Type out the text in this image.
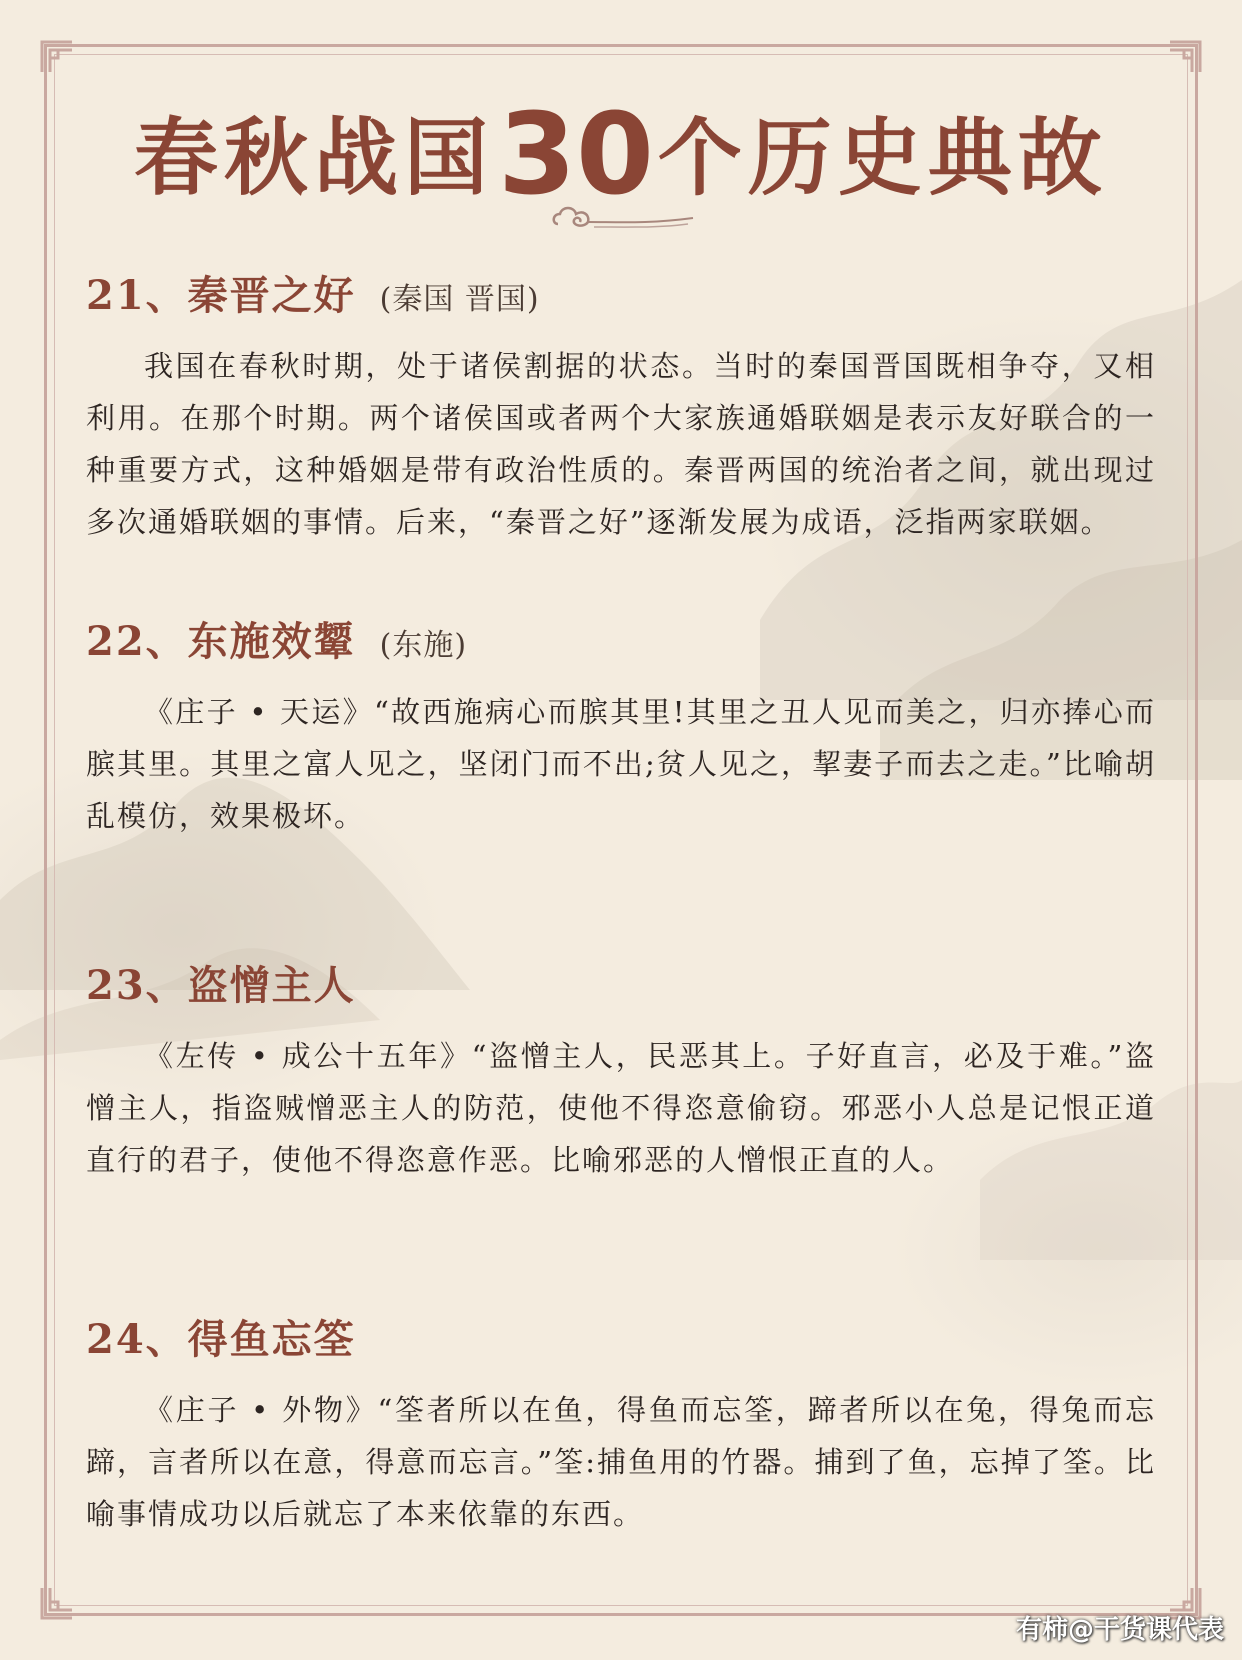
春秋战国30个历史典故
21、秦晋之好 (秦国 晋国)
我国在春秋时期，处于诸侯割据的状态。当时的秦国晋国既相争夺，又相利用。在那个时期。两个诸侯国或者两个大家族通婚联姻是表示友好联合的一种重要方式，这种婚姻是带有政治性质的。秦晋两国的统治者之间，就出现过多次通婚联姻的事情。后来，“秦晋之好”逐渐发展为成语，泛指两家联姻。
22、东施效颦 (东施)
《庄子 • 天运》“故西施病心而膑其里!其里之丑人见而美之，归亦捧心而膑其里。其里之富人见之，坚闭门而不出;贫人见之，挈妻子而去之走。”比喻胡乱模仿，效果极坏。
23、盗憎主人
《左传 • 成公十五年》“盗憎主人，民恶其上。子好直言，必及于难。”盗憎主人，指盗贼憎恶主人的防范，使他不得恣意偷窃。邪恶小人总是记恨正道直行的君子，使他不得恣意作恶。比喻邪恶的人憎恨正直的人。
24、得鱼忘筌
《庄子 • 外物》“筌者所以在鱼，得鱼而忘筌，蹄者所以在兔，得兔而忘蹄，言者所以在意，得意而忘言。”筌:捕鱼用的竹器。捕到了鱼，忘掉了筌。比喻事情成功以后就忘了本来依靠的东西。
有柿@干货课代表
